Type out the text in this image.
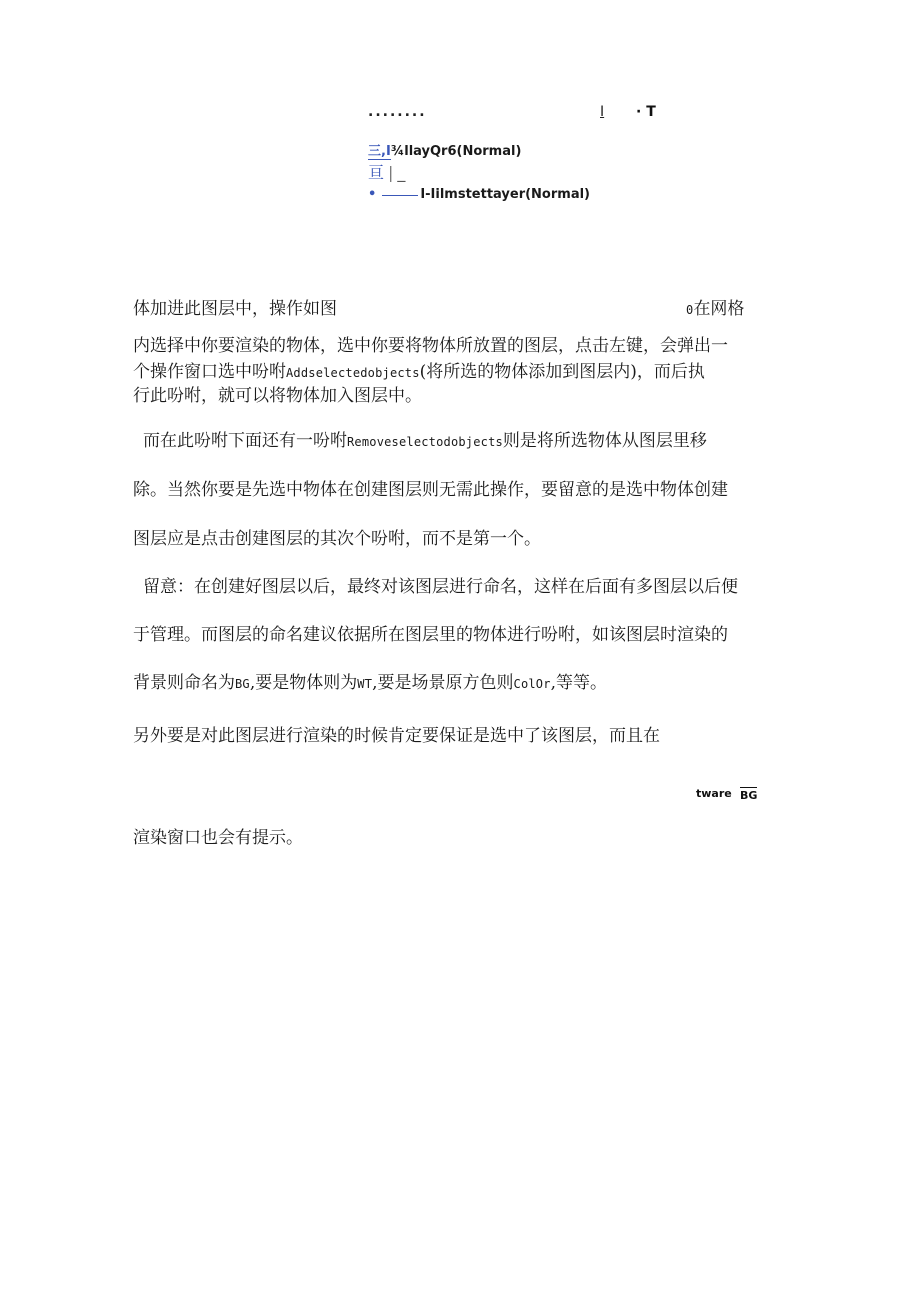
........	I · T
三,I¾llayQr6(Normal)
亘 | _
•	I-Iilmstettayer(Normal)
体加进此图层中，操作如图	0在网格
内选择中你要渲染的物体，选中你要将物体所放置的图层，点击左键，会弹出一
个操作窗口选中吩咐Addselectedobjects(将所选的物体添加到图层内)，而后执
行此吩咐，就可以将物体加入图层中。
而在此吩咐下面还有一吩咐Removeselectodobjects则是将所选物体从图层里移
除。当然你要是先选中物体在创建图层则无需此操作，要留意的是选中物体创建
图层应是点击创建图层的其次个吩咐，而不是第一个。
留意：在创建好图层以后，最终对该图层进行命名，这样在后面有多图层以后便
于管理。而图层的命名建议依据所在图层里的物体进行吩咐，如该图层时渲染的
背景则命名为BG,要是物体则为WT,要是场景原方色则ColOr,等等。
另外要是对此图层进行渲染的时候肯定要保证是选中了该图层，而且在
tware BG
渲染窗口也会有提示。
